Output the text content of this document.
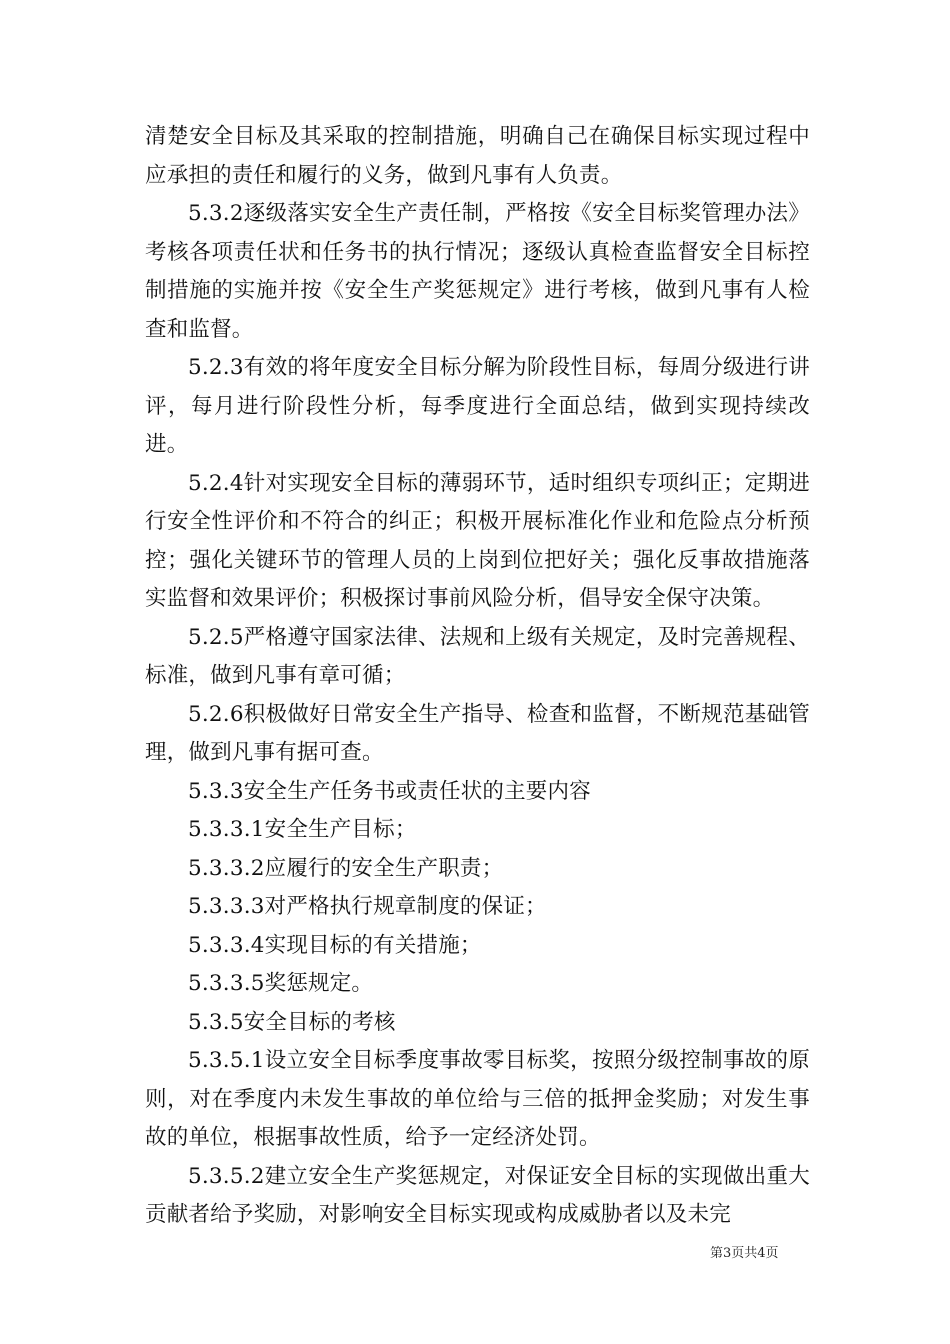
清楚安全目标及其采取的控制措施，明确自己在确保目标实现过程中应承担的责任和履行的义务，做到凡事有人负责。

5.3.2逐级落实安全生产责任制，严格按《安全目标奖管理办法》考核各项责任状和任务书的执行情况；逐级认真检查监督安全目标控制措施的实施并按《安全生产奖惩规定》进行考核，做到凡事有人检查和监督。

5.2.3有效的将年度安全目标分解为阶段性目标，每周分级进行讲评，每月进行阶段性分析，每季度进行全面总结，做到实现持续改进。

5.2.4针对实现安全目标的薄弱环节，适时组织专项纠正；定期进行安全性评价和不符合的纠正；积极开展标准化作业和危险点分析预控；强化关键环节的管理人员的上岗到位把好关；强化反事故措施落实监督和效果评价；积极探讨事前风险分析，倡导安全保守决策。

5.2.5严格遵守国家法律、法规和上级有关规定，及时完善规程、标准，做到凡事有章可循；

5.2.6积极做好日常安全生产指导、检查和监督，不断规范基础管理，做到凡事有据可查。

5.3.3安全生产任务书或责任状的主要内容

5.3.3.1安全生产目标；

5.3.3.2应履行的安全生产职责；

5.3.3.3对严格执行规章制度的保证；

5.3.3.4实现目标的有关措施；

5.3.3.5奖惩规定。

5.3.5安全目标的考核

5.3.5.1设立安全目标季度事故零目标奖，按照分级控制事故的原则，对在季度内未发生事故的单位给与三倍的抵押金奖励；对发生事故的单位，根据事故性质，给予一定经济处罚。

5.3.5.2建立安全生产奖惩规定，对保证安全目标的实现做出重大贡献者给予奖励，对影响安全目标实现或构成威胁者以及未完

第3页共4页
